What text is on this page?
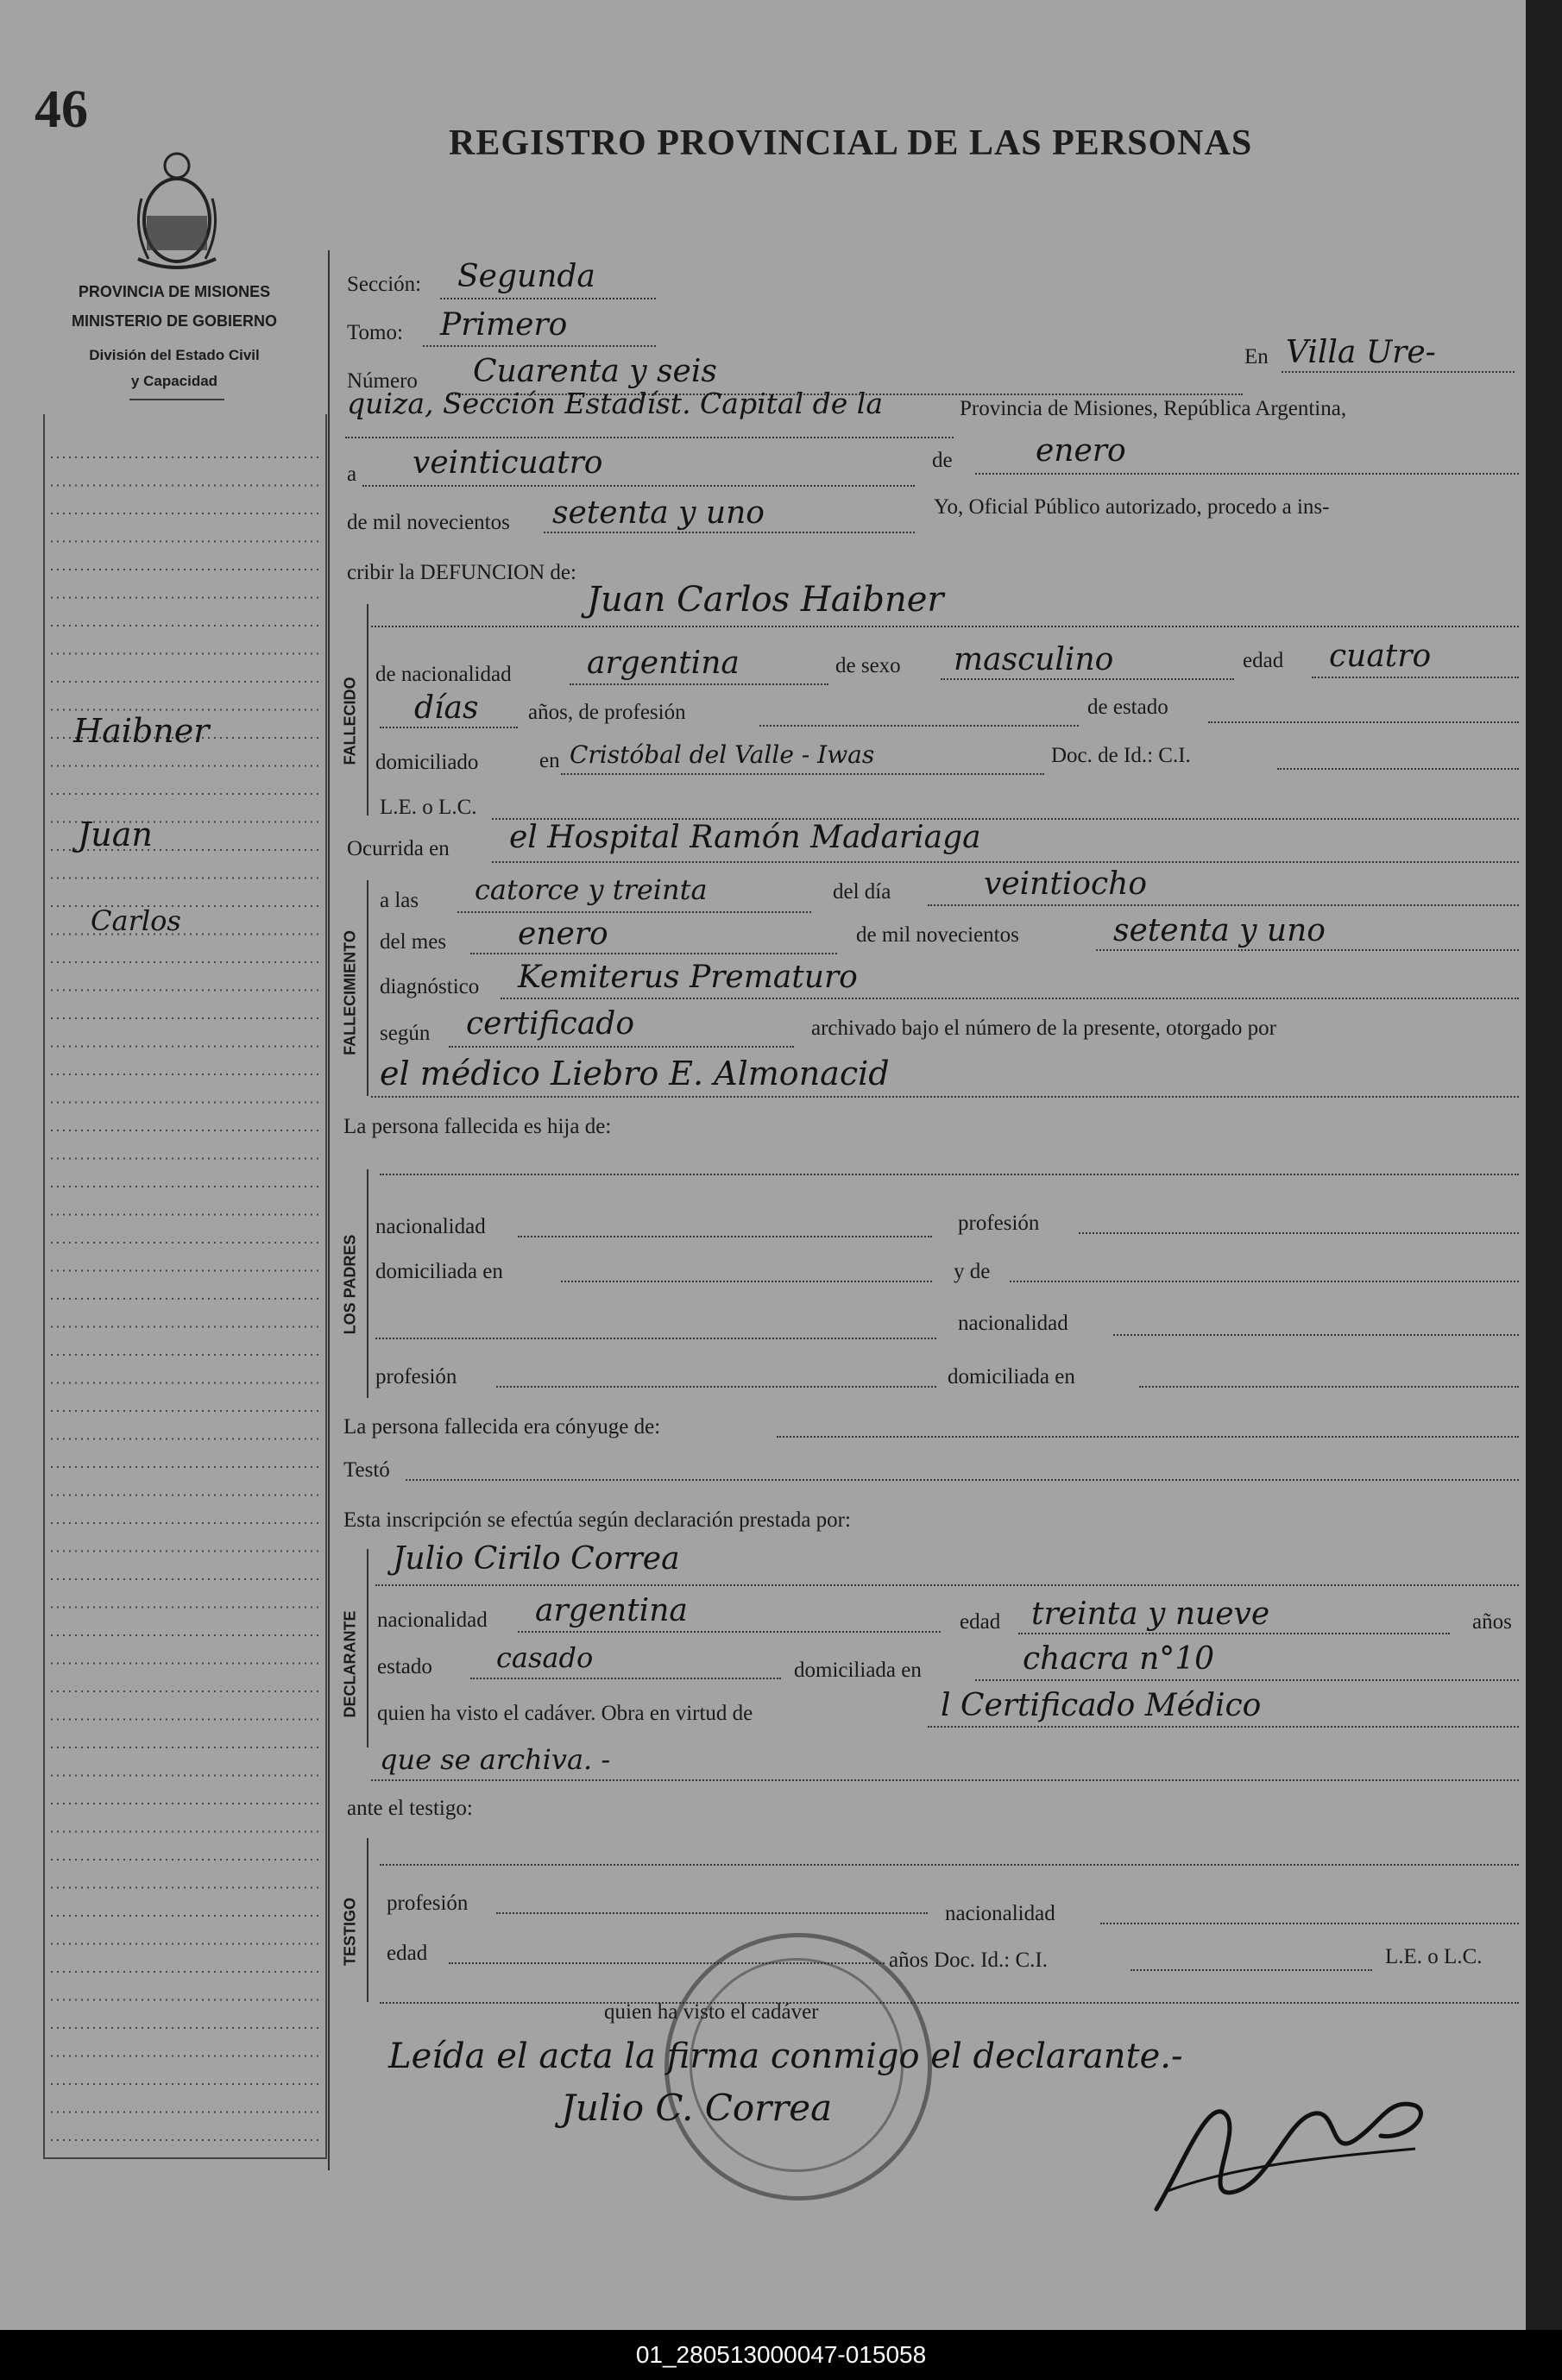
46
REGISTRO PROVINCIAL DE LAS PERSONAS
PROVINCIA DE MISIONES
MINISTERIO DE GOBIERNO
División del Estado Civil
y Capacidad
Haibner
Juan
Carlos
FALLECIDO
FALLECIMIENTO
LOS PADRES
DECLARANTE
TESTIGO
Sección: Segunda
Tomo: Primero
Número Cuarenta y seis	En Villa Ure-
quiza, Sección Estadíst. Capital de la	Provincia de Misiones, República Argentina,
a veinticuatro	de	enero
de mil novecientos setenta y uno	Yo, Oficial Público autorizado, procedo a ins-
cribir la DEFUNCION de:
Juan Carlos Haibner
de nacionalidad argentina	de sexo masculino	edad cuatro
días años, de profesión	de estado
domiciliado	en Cristóbal del Valle - Iwas	Doc. de Id.: C.I.
L.E. o L.C.
Ocurrida en el Hospital Ramón Madariaga
a las catorce y treinta	del día	veintiocho
del mes enero	de mil novecientos	setenta y uno
diagnóstico Kemiterus Prematuro
según certificado	archivado bajo el número de la presente, otorgado por
el médico Liebro E. Almonacid
La persona fallecida es hija de:
nacionalidad	profesión
domiciliada en	y de
nacionalidad
profesión	domiciliada en
La persona fallecida era cónyuge de:
Testó
Esta inscripción se efectúa según declaración prestada por:
Julio Cirilo Correa
nacionalidad argentina	edad treinta y nueve	años
estado casado	domiciliada en	chacra n°10
quien ha visto el cadáver. Obra en virtud de	l Certificado Médico
que se archiva. -
ante el testigo:
profesión	nacionalidad
edad	años Doc. Id.: C.I.	L.E. o L.C.
quien ha visto el cadáver
Leída el acta la firma conmigo el declarante.-
Julio C. Correa
01_280513000047-015058
